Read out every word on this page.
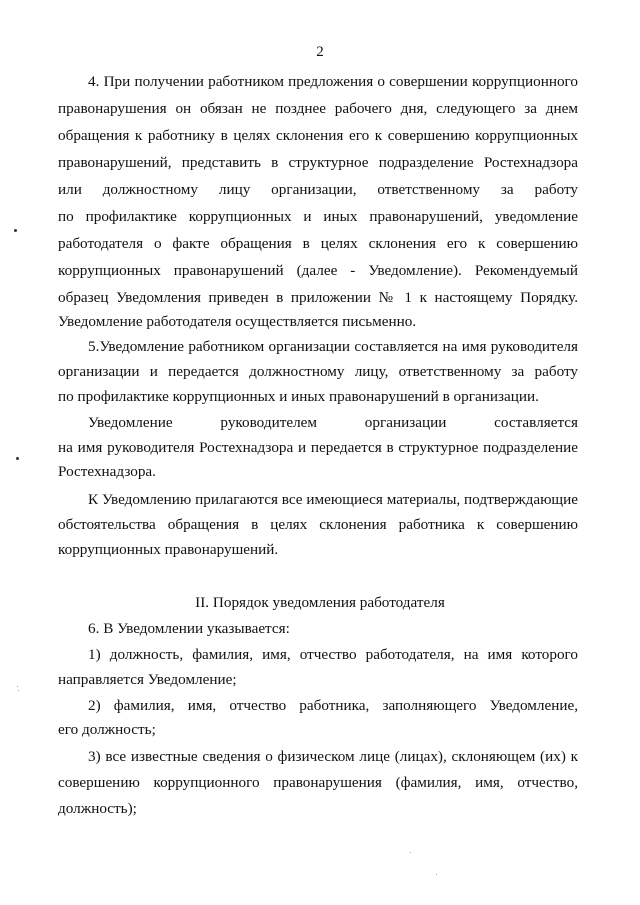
2
4. При получении работником предложения о совершении коррупционного
правонарушения он обязан не позднее рабочего дня, следующего за днем
обращения к работнику в целях склонения его к совершению коррупционных
правонарушений, представить в структурное подразделение Ростехнадзора
или должностному лицу организации, ответственному за работу
по профилактике коррупционных и иных правонарушений, уведомление
работодателя о факте обращения в целях склонения его к совершению
коррупционных правонарушений (далее - Уведомление). Рекомендуемый
образец Уведомления приведен в приложении № 1 к настоящему Порядку.
Уведомление работодателя осуществляется письменно.
5.Уведомление работником организации составляется на имя руководителя
организации и передается должностному лицу, ответственному за работу
по профилактике коррупционных и иных правонарушений в организации.
Уведомление руководителем организации составляется
на имя руководителя Ростехнадзора и передается в структурное подразделение
Ростехнадзора.
К Уведомлению прилагаются все имеющиеся материалы, подтверждающие
обстоятельства обращения в целях склонения работника к совершению
коррупционных правонарушений.
II. Порядок уведомления работодателя
6. В Уведомлении указывается:
1) должность, фамилия, имя, отчество работодателя, на имя которого
направляется Уведомление;
2) фамилия, имя, отчество работника, заполняющего Уведомление,
его должность;
3) все известные сведения о физическом лице (лицах), склоняющем (их) к
совершению коррупционного правонарушения (фамилия, имя, отчество,
должность);
